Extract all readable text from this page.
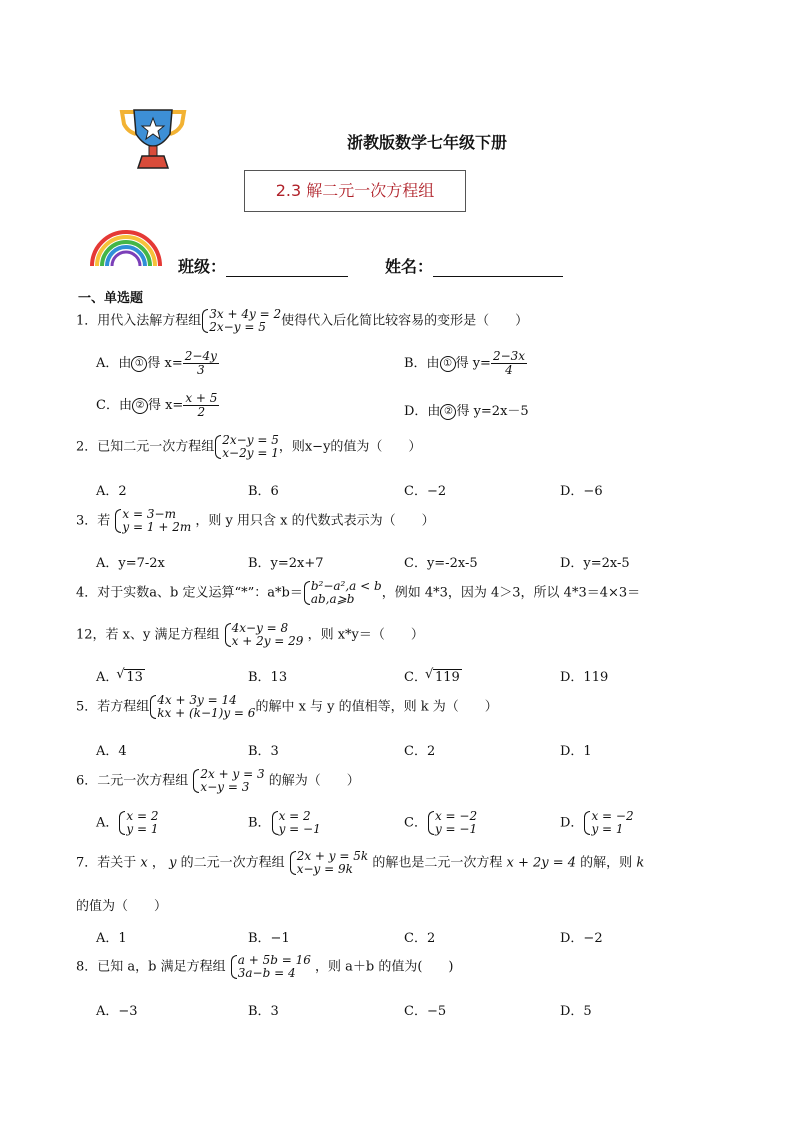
浙教版数学七年级下册
2.3 解二元一次方程组
班级：	姓名：
一、单选题
1．用代入法解方程组 3x + 4y = 2
2x−y = 5	使得代入后化简比较容易的变形是（　　）
A．由 ① 得 $x= \frac{2-4y}{3}$	B．由 ① 得 $y= \frac{2-3x}{4}$
C．由 ② 得 $x= \frac{x + 5}{2}$	D．由 ② 得 y=2x－5
2．已知二元一次方程组 2x−y = 5
x−2y = 1 ，则x−y的值为（　　）
A．2	B．6	C．−2	D．−6
3．若 x = 3−m
y = 1 + 2m ，则 y 用只含 x 的代数式表示为（　　）
A．y=7-2x	B．y=2x+7	C．y=-2x-5	D．y=2x-5
4．对于实数a、b 定义运算“*”：a*b＝ b²−a²,a < b
ab,a⩾b	，例如 4*3，因为 4＞3，所以 4*3＝4×3＝
12，若 x、y 满足方程组 4x−y = 8
x + 2y = 29 ，则 x*y＝（　　）
A． √ 13	B．13	C． √ 119	D．119
5．若方程组 4x + 3y = 14
kx + (k−1)y = 6 的解中 x 与 y 的值相等，则 k 为（　　）
A．4	B．3	C．2	D．1
6．二元一次方程组 2x + y = 3
x−y = 3	的解为（　　）
A． x = 2
y = 1	B． x = 2
y = −1	C． x = −2
y = −1	D． x = −2
y = 1
7．若关于 x ， y 的二元一次方程组 2x + y = 5k
x−y = 9k	的解也是二元一次方程 x + 2y = 4 的解，则 k
的值为（　　）
A．1	B．−1	C．2	D．−2
8．已知 a，b 满足方程组 a + 5b = 16
3a−b = 4	，则 a＋b 的值为(　　)
A．−3	B．3	C．−5	D．5
